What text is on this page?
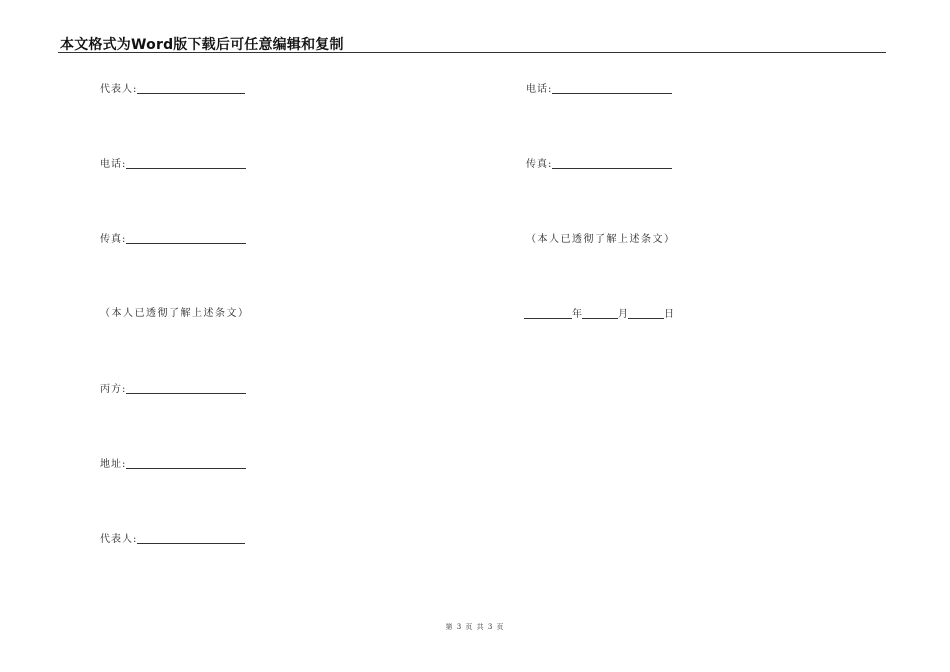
本文格式为Word版下载后可任意编辑和复制
代表人:
电话:
传真:
（本人已透彻了解上述条文）
丙方:
地址:
代表人:
电话:
传真:
（本人已透彻了解上述条文）
年	月	日
第 3 页 共 3 页
